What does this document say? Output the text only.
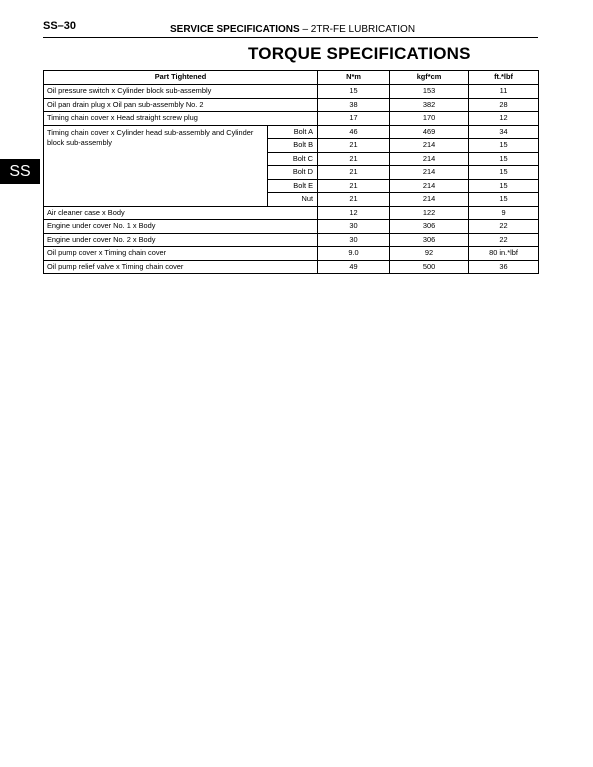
SS–30	SERVICE SPECIFICATIONS – 2TR-FE LUBRICATION
TORQUE SPECIFICATIONS
SS
Part Tightened		N*m	kgf*cm	ft.*lbf
Oil pressure switch x Cylinder block sub-assembly		15	153	11
Oil pan drain plug x Oil pan sub-assembly No. 2		38	382	28
Timing chain cover x Head straight screw plug		17	170	12
Timing chain cover x Cylinder head sub-assembly and Cylinder block sub-assembly	Bolt A	46	469	34
	Bolt B	21	214	15
	Bolt C	21	214	15
	Bolt D	21	214	15
	Bolt E	21	214	15
	Nut	21	214	15
Air cleaner case x Body		12	122	9
Engine under cover No. 1 x Body		30	306	22
Engine under cover No. 2 x Body		30	306	22
Oil pump cover x Timing chain cover		9.0	92	80 in.*lbf
Oil pump relief valve x Timing chain cover		49	500	36
